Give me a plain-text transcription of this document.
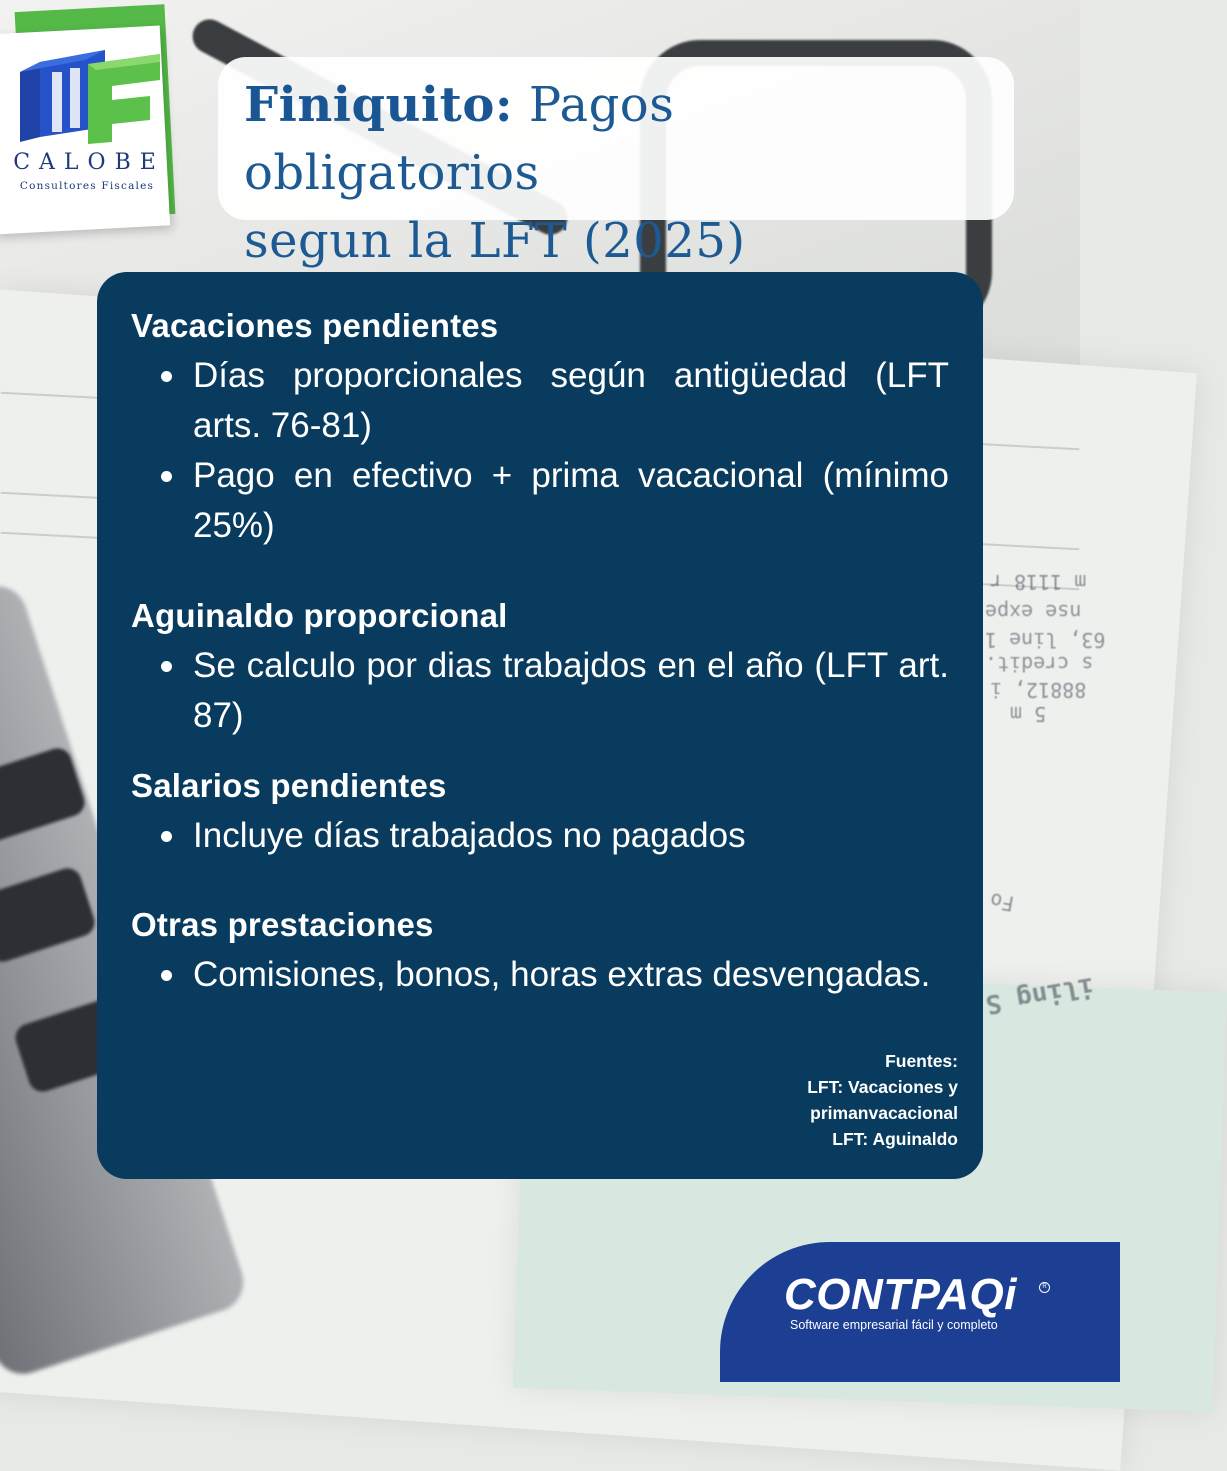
m 1118 r
nse expe
63, line 1
s credit.
88812, i
5 m
Fo
iling S
CALOBE
Consultores Fiscales
Finiquito: Pagos obligatorios
segun la LFT (2025)
Vacaciones pendientes
Días proporcionales según antigüedad (LFT arts. 76-81)
Pago en efectivo + prima vacacional (mínimo 25%)
Aguinaldo proporcional
Se calculo por dias trabajdos en el año (LFT art. 87)
Salarios pendientes
Incluye días trabajados no pagados
Otras prestaciones
Comisiones, bonos, horas extras desvengadas.
Fuentes:
LFT: Vacaciones y
primanvacacional
LFT: Aguinaldo
CONTPAQi	R
Software empresarial fácil y completo
